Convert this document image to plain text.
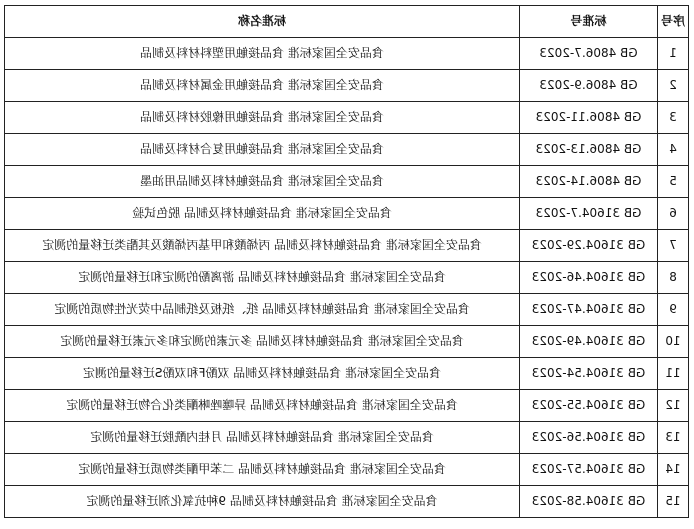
序号	标准号	标准名称
1	GB 4806.7-2023	食品安全国家标准 食品接触用塑料材料及制品
2	GB 4806.9-2023	食品安全国家标准 食品接触用金属材料及制品
3	GB 4806.11-2023	食品安全国家标准 食品接触用橡胶材料及制品
4	GB 4806.13-2023	食品安全国家标准 食品接触用复合材料及制品
5	GB 4806.14-2023	食品安全国家标准 食品接触材料及制品用油墨
6	GB 31604.7-2023	食品安全国家标准 食品接触材料及制品 脱色试验
7	GB 31604.29-2023	食品安全国家标准 食品接触材料及制品 丙烯酸和甲基丙烯酸及其酯类迁移量的测定
8	GB 31604.46-2023	食品安全国家标准 食品接触材料及制品 游离酚的测定和迁移量的测定
9	GB 31604.47-2023	食品安全国家标准 食品接触材料及制品 纸、纸板及纸制品中荧光性物质的测定
10	GB 31604.49-2023	食品安全国家标准 食品接触材料及制品 多元素的测定和多元素迁移量的测定
11	GB 31604.54-2023	食品安全国家标准 食品接触材料及制品 双酚F和双酚S迁移量的测定
12	GB 31604.55-2023	食品安全国家标准 食品接触材料及制品 异噻唑啉酮类化合物迁移量的测定
13	GB 31604.56-2023	食品安全国家标准 食品接触材料及制品 月桂内酰胺迁移量的测定
14	GB 31604.57-2023	食品安全国家标准 食品接触材料及制品 二苯甲酮类物质迁移量的测定
15	GB 31604.58-2023	食品安全国家标准 食品接触材料及制品 9种抗氧化剂迁移量的测定
